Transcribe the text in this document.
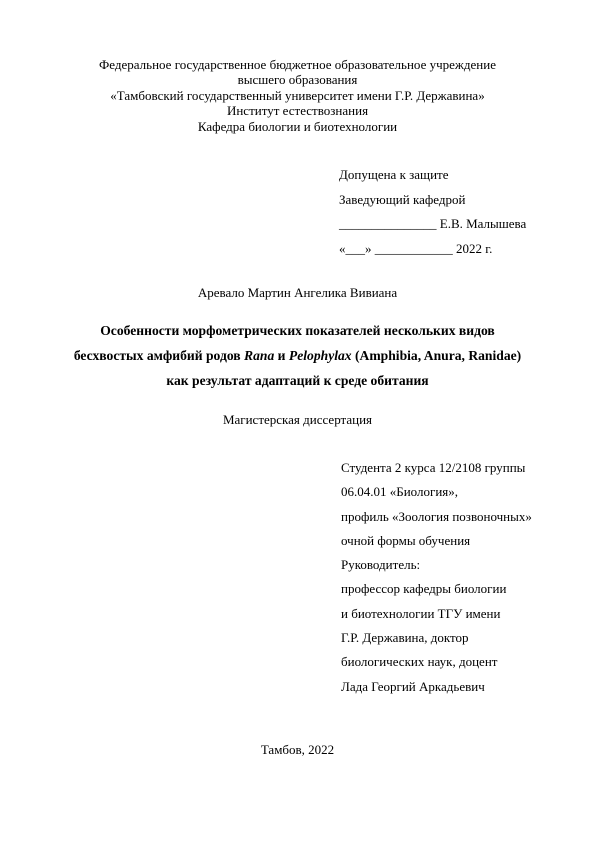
Федеральное государственное бюджетное образовательное учреждение
высшего образования
«Тамбовский государственный университет имени Г.Р. Державина»
Институт естествознания
Кафедра биологии и биотехнологии
Допущена к защите
Заведующий кафедрой
_______________ Е.В. Малышева
«___» ____________ 2022 г.
Аревало Мартин Ангелика Вивиана
Особенности морфометрических показателей нескольких видов
бесхвостых амфибий родов Rana и Pelophylax (Amphibia, Anura, Ranidae)
как результат адаптаций к среде обитания
Магистерская диссертация
Студента 2 курса 12/2108 группы
06.04.01 «Биология»,
профиль «Зоология позвоночных»
очной формы обучения
Руководитель:
профессор кафедры биологии
и биотехнологии ТГУ имени
Г.Р. Державина, доктор
биологических наук, доцент
Лада Георгий Аркадьевич
Тамбов, 2022
